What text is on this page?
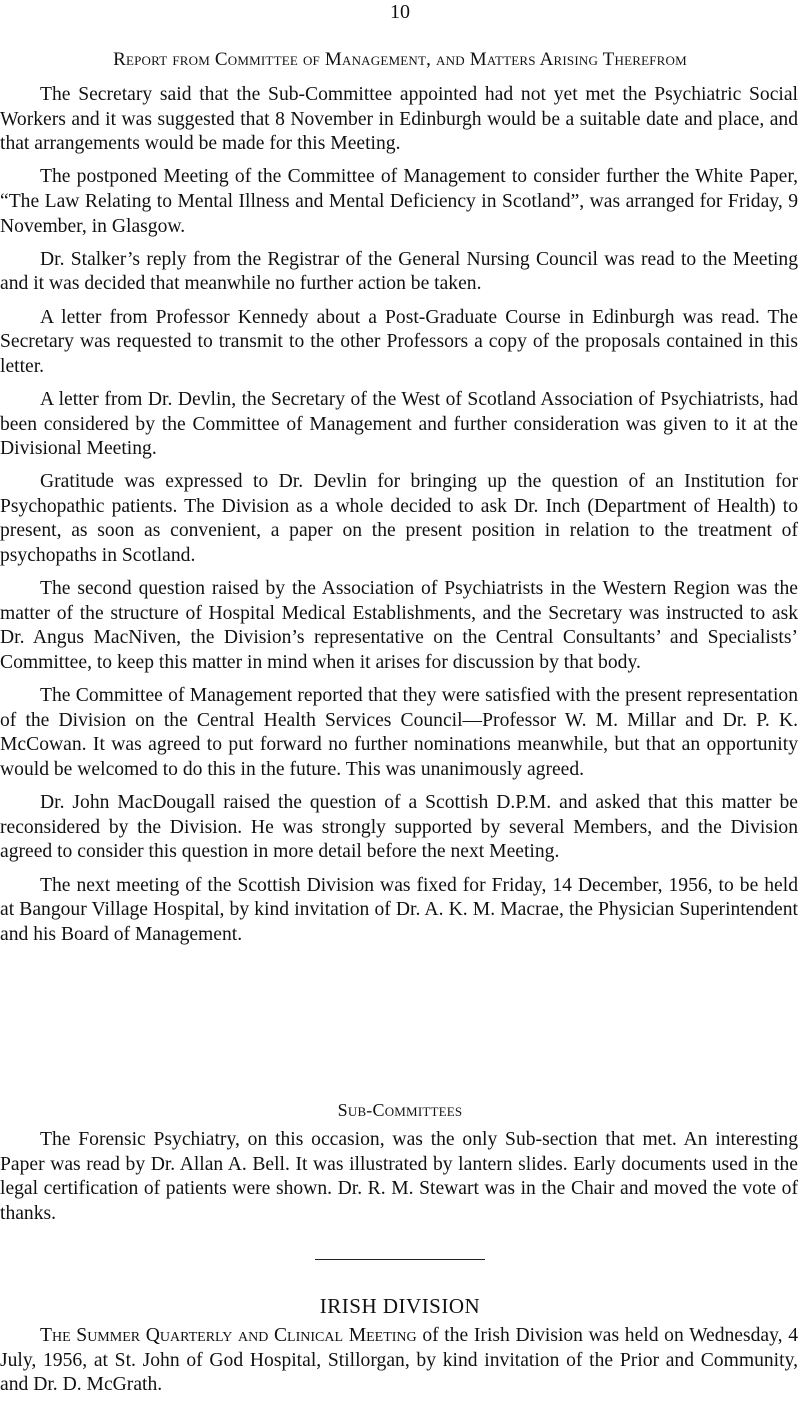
10
Report from Committee of Management, and Matters Arising Therefrom

The Secretary said that the Sub-Committee appointed had not yet met the Psychiatric Social Workers and it was suggested that 8 November in Edinburgh would be a suitable date and place, and that arrangements would be made for this Meeting.

The postponed Meeting of the Committee of Management to consider further the White Paper, “The Law Relating to Mental Illness and Mental Deficiency in Scotland”, was arranged for Friday, 9 November, in Glasgow.

Dr. Stalker’s reply from the Registrar of the General Nursing Council was read to the Meeting and it was decided that meanwhile no further action be taken.

A letter from Professor Kennedy about a Post-Graduate Course in Edinburgh was read. The Secretary was requested to transmit to the other Professors a copy of the proposals contained in this letter.

A letter from Dr. Devlin, the Secretary of the West of Scotland Association of Psychiatrists, had been considered by the Committee of Management and further consideration was given to it at the Divisional Meeting.

Gratitude was expressed to Dr. Devlin for bringing up the question of an Institution for Psychopathic patients. The Division as a whole decided to ask Dr. Inch (Department of Health) to present, as soon as convenient, a paper on the present position in relation to the treatment of psychopaths in Scotland.

The second question raised by the Association of Psychiatrists in the Western Region was the matter of the structure of Hospital Medical Establishments, and the Secretary was instructed to ask Dr. Angus MacNiven, the Division’s representative on the Central Consultants’ and Specialists’ Committee, to keep this matter in mind when it arises for discussion by that body.

The Committee of Management reported that they were satisfied with the present representation of the Division on the Central Health Services Council—Professor W. M. Millar and Dr. P. K. McCowan. It was agreed to put forward no further nominations meanwhile, but that an opportunity would be welcomed to do this in the future. This was unanimously agreed.

Dr. John MacDougall raised the question of a Scottish D.P.M. and asked that this matter be reconsidered by the Division. He was strongly supported by several Members, and the Division agreed to consider this question in more detail before the next Meeting.

The next meeting of the Scottish Division was fixed for Friday, 14 December, 1956, to be held at Bangour Village Hospital, by kind invitation of Dr. A. K. M. Macrae, the Physician Superintendent and his Board of Management.

Sub-Committees

The Forensic Psychiatry, on this occasion, was the only Sub-section that met. An interesting Paper was read by Dr. Allan A. Bell. It was illustrated by lantern slides. Early documents used in the legal certification of patients were shown. Dr. R. M. Stewart was in the Chair and moved the vote of thanks.

IRISH DIVISION

The Summer Quarterly and Clinical Meeting of the Irish Division was held on Wednesday, 4 July, 1956, at St. John of God Hospital, Stillorgan, by kind invitation of the Prior and Community, and Dr. D. McGrath.
